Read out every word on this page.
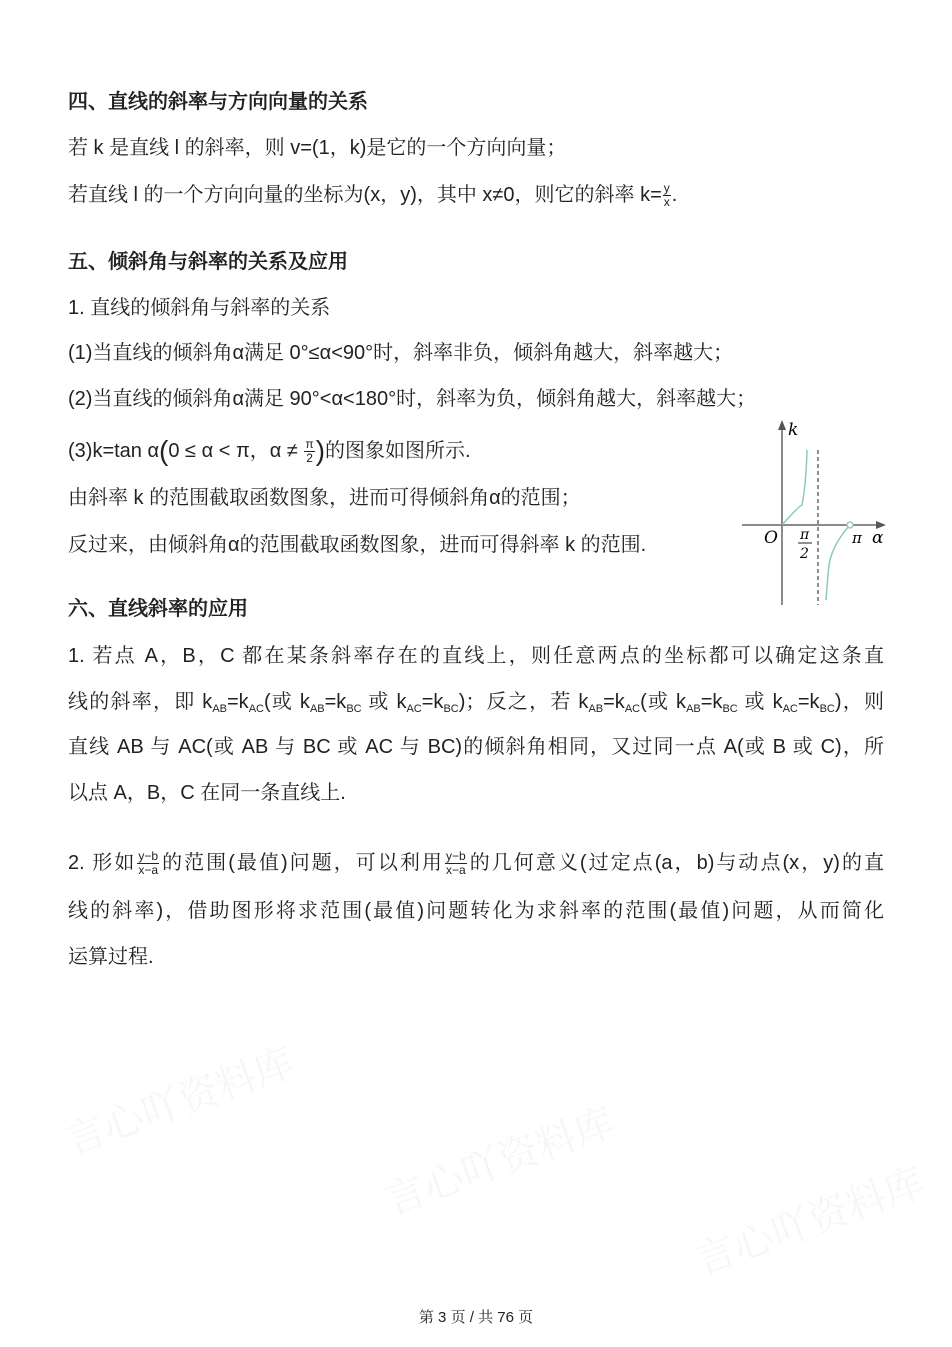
四、直线的斜率与方向向量的关系
若 k 是直线 l 的斜率，则 v=(1，k)是它的一个方向向量；
若直线 l 的一个方向向量的坐标为(x，y)，其中 x≠0，则它的斜率 $k= \frac{y}{x}$ .
五、倾斜角与斜率的关系及应用
1. 直线的倾斜角与斜率的关系
(1)当直线的倾斜角α满足 0°≤α<90°时，斜率非负，倾斜角越大，斜率越大；
(2)当直线的倾斜角α满足 90°<α<180°时，斜率为负，倾斜角越大，斜率越大；
(3)k=tan α(0 ≤ α < π，$\alpha \ne \frac{\pi}{2}$ )的图象如图所示.
由斜率 k 的范围截取函数图象，进而可得倾斜角α的范围；
反过来，由倾斜角α的范围截取函数图象，进而可得斜率 k 的范围.
六、直线斜率的应用
1. 若点 A，B，C 都在某条斜率存在的直线上，则任意两点的坐标都可以确定这条直
线的斜率，即 $k_{AB}=k_{AC}$(或 $k_{AB}=k_{BC}$ 或 $k_{AC}=k_{BC}$)；反之，若 $k_{AB}=k_{AC}$(或 $k_{AB}=k_{BC}$ 或 $k_{AC}=k_{BC}$)，则
直线 AB 与 AC(或 AB 与 BC 或 AC 与 BC)的倾斜角相同，又过同一点 A(或 B 或 C)，所
以点 A，B，C 在同一条直线上.
2. 形如 $\frac{y-b}{x-a}$ 的范围(最值)问题，可以利用 $\frac{y-b}{x-a}$ 的几何意义(过定点(a，b)与动点(x，y)的直
线的斜率)，借助图形将求范围(最值)问题转化为求斜率的范围(最值)问题，从而简化
运算过程.
k
α
O	π
π
2
第 3 页 / 共 76 页
